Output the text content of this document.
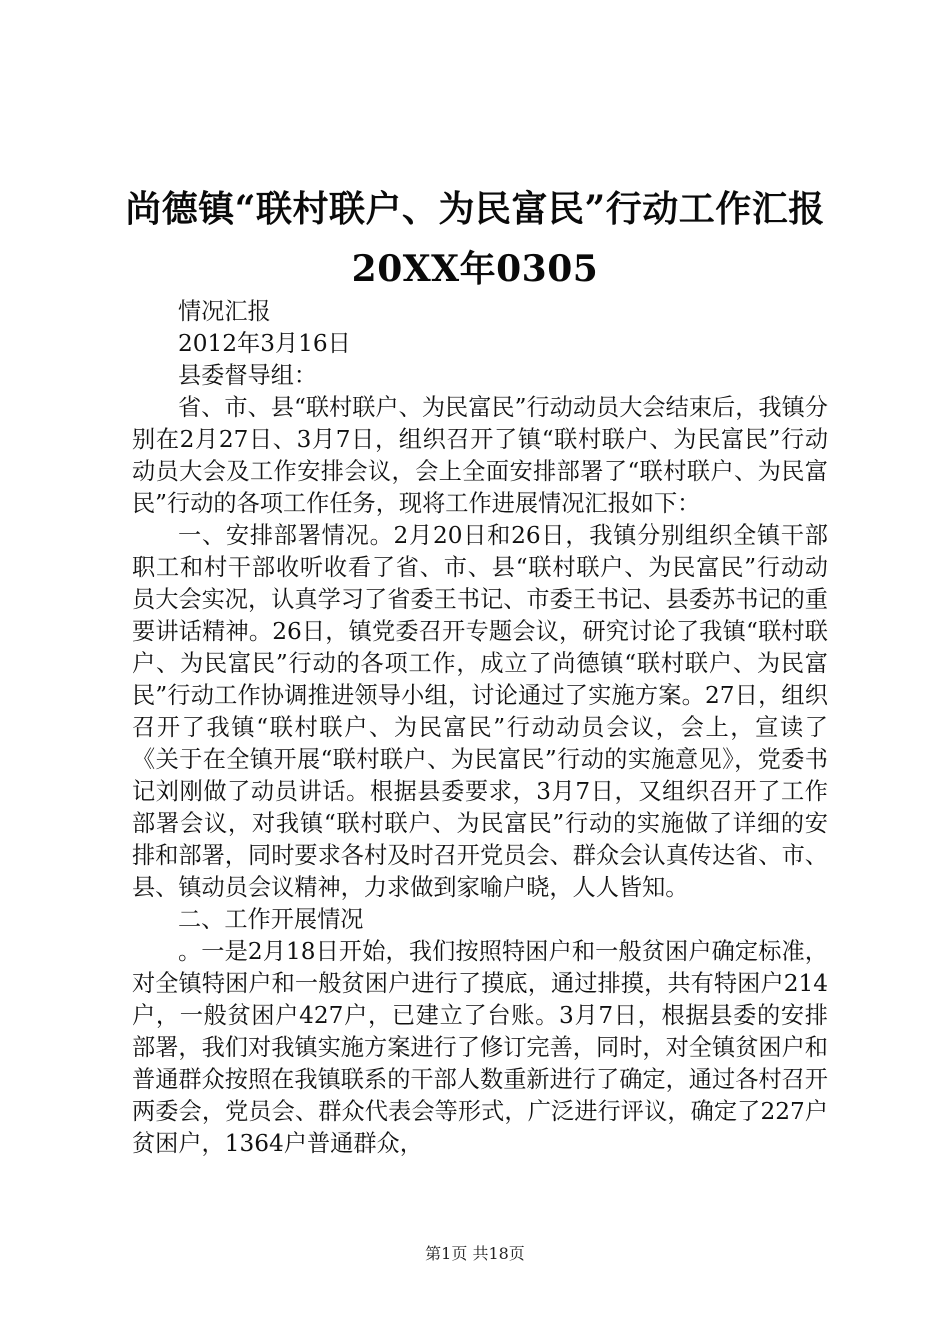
尚德镇“联村联户、为民富民”行动工作汇报
20XX年0305

情况汇报

2012年3月16日

县委督导组：

省、市、县“联村联户、为民富民”行动动员大会结束后，我镇分别在2月27日、3月7日，组织召开了镇“联村联户、为民富民”行动动员大会及工作安排会议，会上全面安排部署了“联村联户、为民富民”行动的各项工作任务，现将工作进展情况汇报如下：

一、安排部署情况。2月20日和26日，我镇分别组织全镇干部职工和村干部收听收看了省、市、县“联村联户、为民富民”行动动员大会实况，认真学习了省委王书记、市委王书记、县委苏书记的重要讲话精神。26日，镇党委召开专题会议，研究讨论了我镇“联村联户、为民富民”行动的各项工作，成立了尚德镇“联村联户、为民富民”行动工作协调推进领导小组，讨论通过了实施方案。27日，组织召开了我镇“联村联户、为民富民”行动动员会议，会上，宣读了《关于在全镇开展“联村联户、为民富民”行动的实施意见》，党委书记刘刚做了动员讲话。根据县委要求，3月7日，又组织召开了工作部署会议，对我镇“联村联户、为民富民”行动的实施做了详细的安排和部署，同时要求各村及时召开党员会、群众会认真传达省、市、县、镇动员会议精神，力求做到家喻户晓，人人皆知。

二、工作开展情况

。一是2月18日开始，我们按照特困户和一般贫困户确定标准，对全镇特困户和一般贫困户进行了摸底，通过排摸，共有特困户214户，一般贫困户427户，已建立了台账。3月7日，根据县委的安排部署，我们对我镇实施方案进行了修订完善，同时，对全镇贫困户和普通群众按照在我镇联系的干部人数重新进行了确定，通过各村召开两委会，党员会、群众代表会等形式，广泛进行评议，确定了227户贫困户，1364户普通群众，

第1页 共18页
